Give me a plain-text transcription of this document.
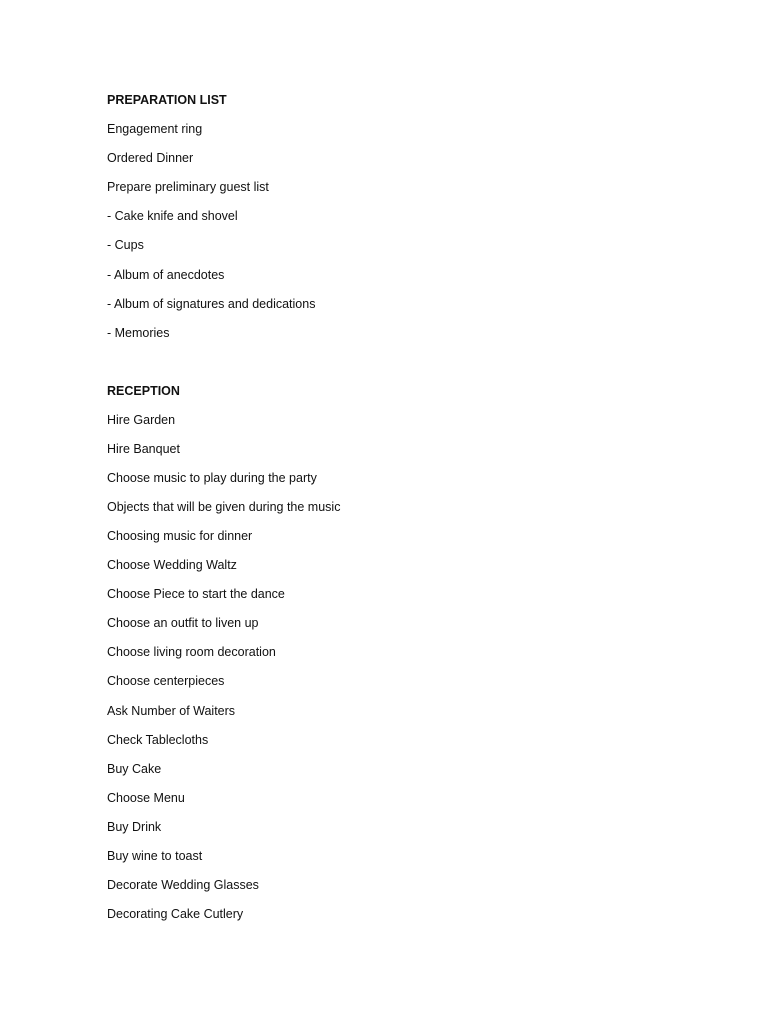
PREPARATION LIST
Engagement ring
Ordered Dinner
Prepare preliminary guest list
- Cake knife and shovel
- Cups
- Album of anecdotes
- Album of signatures and dedications
- Memories
RECEPTION
Hire Garden
Hire Banquet
Choose music to play during the party
Objects that will be given during the music
Choosing music for dinner
Choose Wedding Waltz
Choose Piece to start the dance
Choose an outfit to liven up
Choose living room decoration
Choose centerpieces
Ask Number of Waiters
Check Tablecloths
Buy Cake
Choose Menu
Buy Drink
Buy wine to toast
Decorate Wedding Glasses
Decorating Cake Cutlery
